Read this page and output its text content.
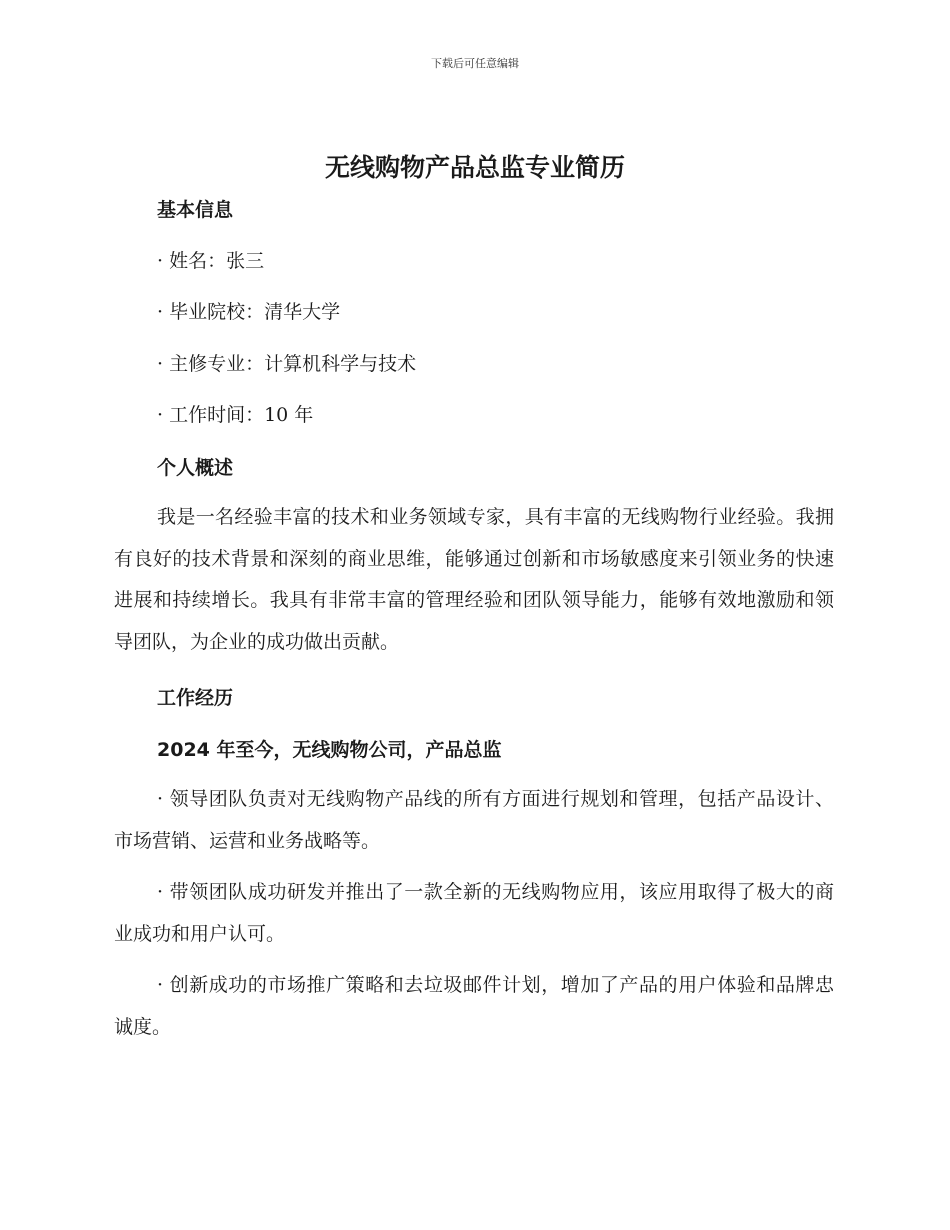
下载后可任意编辑
无线购物产品总监专业简历
基本信息

· 姓名：张三

· 毕业院校：清华大学

· 主修专业：计算机科学与技术

· 工作时间：10 年

个人概述

我是一名经验丰富的技术和业务领域专家，具有丰富的无线购物行业经验。我拥有良好的技术背景和深刻的商业思维，能够通过创新和市场敏感度来引领业务的快速进展和持续增长。我具有非常丰富的管理经验和团队领导能力，能够有效地激励和领导团队，为企业的成功做出贡献。

工作经历
2024 年至今，无线购物公司，产品总监

· 领导团队负责对无线购物产品线的所有方面进行规划和管理，包括产品设计、市场营销、运营和业务战略等。

· 带领团队成功研发并推出了一款全新的无线购物应用，该应用取得了极大的商业成功和用户认可。

· 创新成功的市场推广策略和去垃圾邮件计划，增加了产品的用户体验和品牌忠诚度。
